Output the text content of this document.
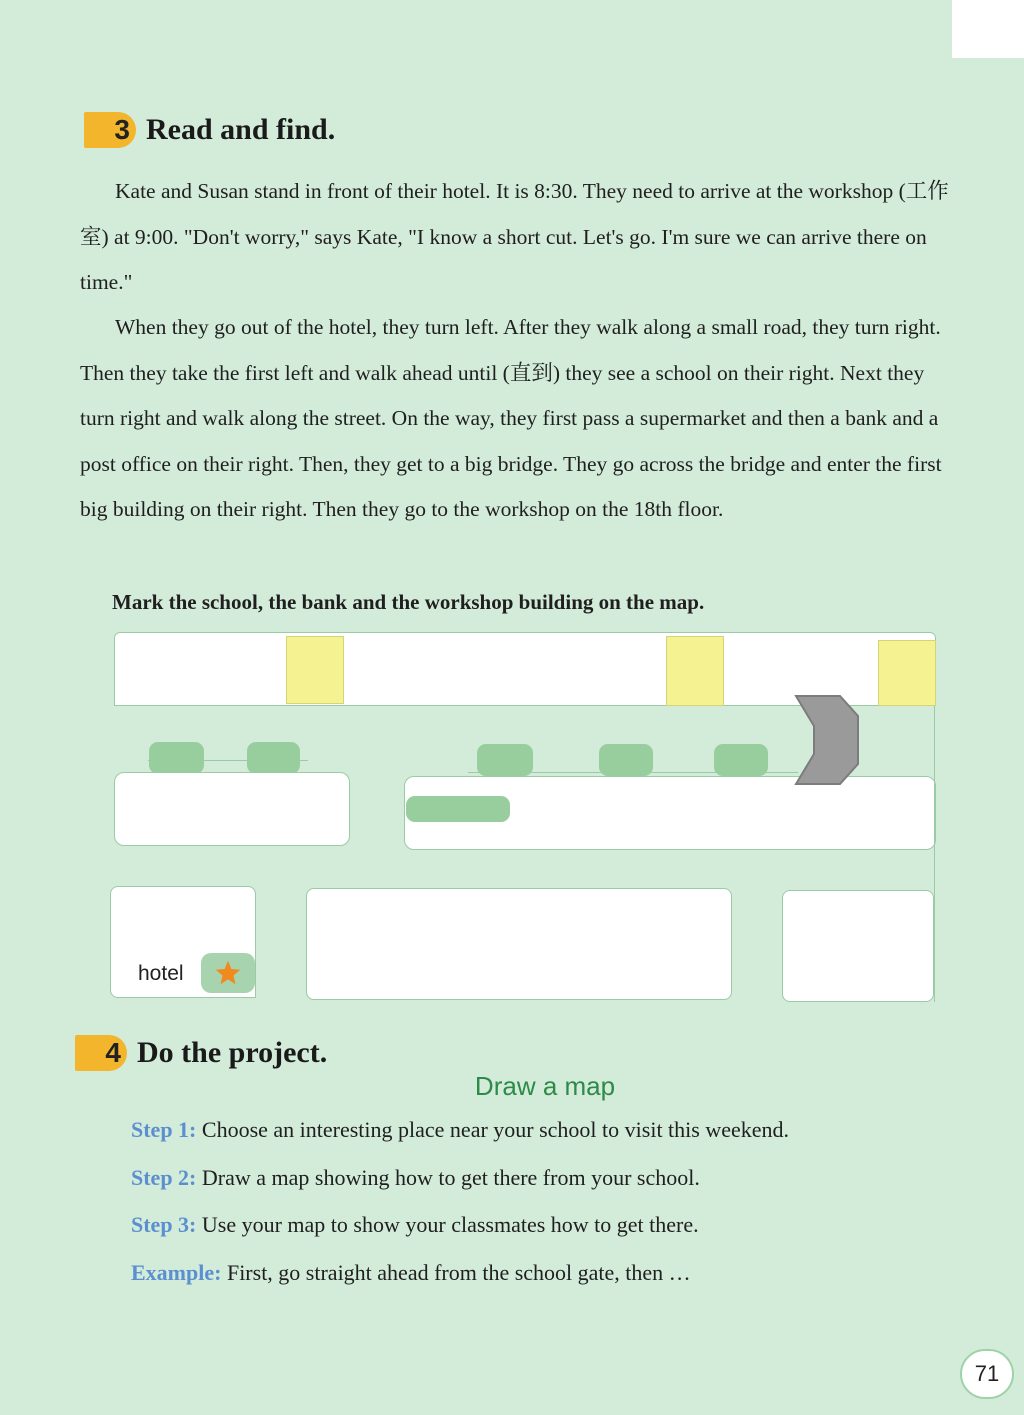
3 Read and find.

Kate and Susan stand in front of their hotel. It is 8:30. They need to arrive at the workshop (工作室) at 9:00. "Don't worry," says Kate, "I know a short cut. Let's go. I'm sure we can arrive there on time."

When they go out of the hotel, they turn left. After they walk along a small road, they turn right. Then they take the first left and walk ahead until (直到) they see a school on their right. Next they turn right and walk along the street. On the way, they first pass a supermarket and then a bank and a post office on their right. Then, they get to a big bridge. They go across the bridge and enter the first big building on their right. Then they go to the workshop on the 18th floor.

Mark the school, the bank and the workshop building on the map.

hotel
4 Do the project.
Draw a map
Step 1: Choose an interesting place near your school to visit this weekend.
Step 2: Draw a map showing how to get there from your school.
Step 3: Use your map to show your classmates how to get there.
Example: First, go straight ahead from the school gate, then …
71
